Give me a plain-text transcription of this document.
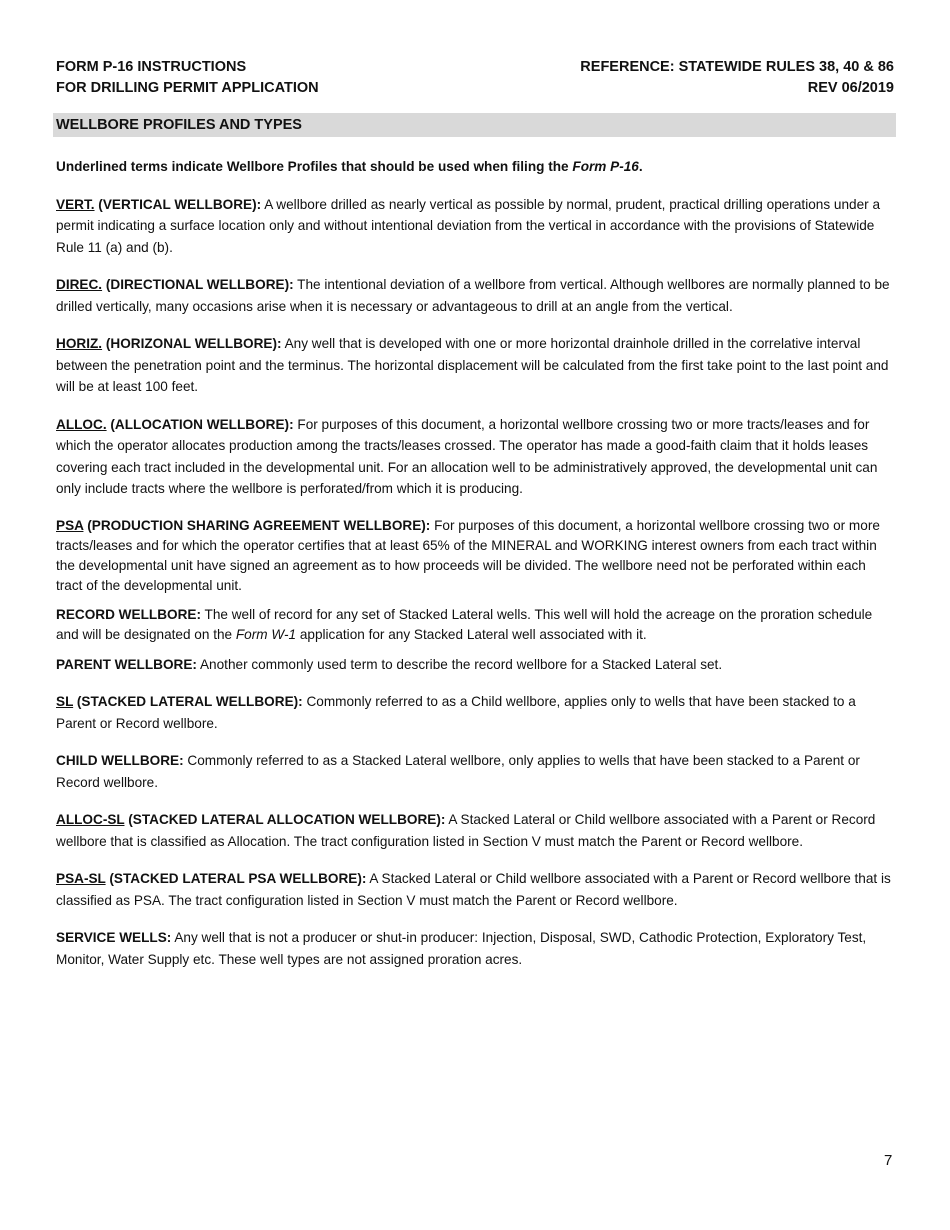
FORM P-16 INSTRUCTIONS
FOR DRILLING PERMIT APPLICATION
REFERENCE: STATEWIDE RULES 38, 40 & 86
REV 06/2019
WELLBORE PROFILES AND TYPES

Underlined terms indicate Wellbore Profiles that should be used when filing the Form P-16.

VERT. (VERTICAL WELLBORE): A wellbore drilled as nearly vertical as possible by normal, prudent, practical drilling operations under a permit indicating a surface location only and without intentional deviation from the vertical in accordance with the provisions of Statewide Rule 11 (a) and (b).

DIREC. (DIRECTIONAL WELLBORE): The intentional deviation of a wellbore from vertical. Although wellbores are normally planned to be drilled vertically, many occasions arise when it is necessary or advantageous to drill at an angle from the vertical.

HORIZ. (HORIZONAL WELLBORE): Any well that is developed with one or more horizontal drainhole drilled in the correlative interval between the penetration point and the terminus. The horizontal displacement will be calculated from the first take point to the last point and will be at least 100 feet.

ALLOC. (ALLOCATION WELLBORE): For purposes of this document, a horizontal wellbore crossing two or more tracts/leases and for which the operator allocates production among the tracts/leases crossed. The operator has made a good-faith claim that it holds leases covering each tract included in the developmental unit. For an allocation well to be administratively approved, the developmental unit can only include tracts where the wellbore is perforated/from which it is producing.

PSA (PRODUCTION SHARING AGREEMENT WELLBORE): For purposes of this document, a horizontal wellbore crossing two or more tracts/leases and for which the operator certifies that at least 65% of the MINERAL and WORKING interest owners from each tract within the developmental unit have signed an agreement as to how proceeds will be divided. The wellbore need not be perforated within each tract of the developmental unit.

RECORD WELLBORE: The well of record for any set of Stacked Lateral wells. This well will hold the acreage on the proration schedule and will be designated on the Form W-1 application for any Stacked Lateral well associated with it.

PARENT WELLBORE: Another commonly used term to describe the record wellbore for a Stacked Lateral set.

SL (STACKED LATERAL WELLBORE): Commonly referred to as a Child wellbore, applies only to wells that have been stacked to a Parent or Record wellbore.

CHILD WELLBORE: Commonly referred to as a Stacked Lateral wellbore, only applies to wells that have been stacked to a Parent or Record wellbore.

ALLOC-SL (STACKED LATERAL ALLOCATION WELLBORE): A Stacked Lateral or Child wellbore associated with a Parent or Record wellbore that is classified as Allocation. The tract configuration listed in Section V must match the Parent or Record wellbore.

PSA-SL (STACKED LATERAL PSA WELLBORE): A Stacked Lateral or Child wellbore associated with a Parent or Record wellbore that is classified as PSA. The tract configuration listed in Section V must match the Parent or Record wellbore.

SERVICE WELLS: Any well that is not a producer or shut-in producer: Injection, Disposal, SWD, Cathodic Protection, Exploratory Test, Monitor, Water Supply etc. These well types are not assigned proration acres.

7
